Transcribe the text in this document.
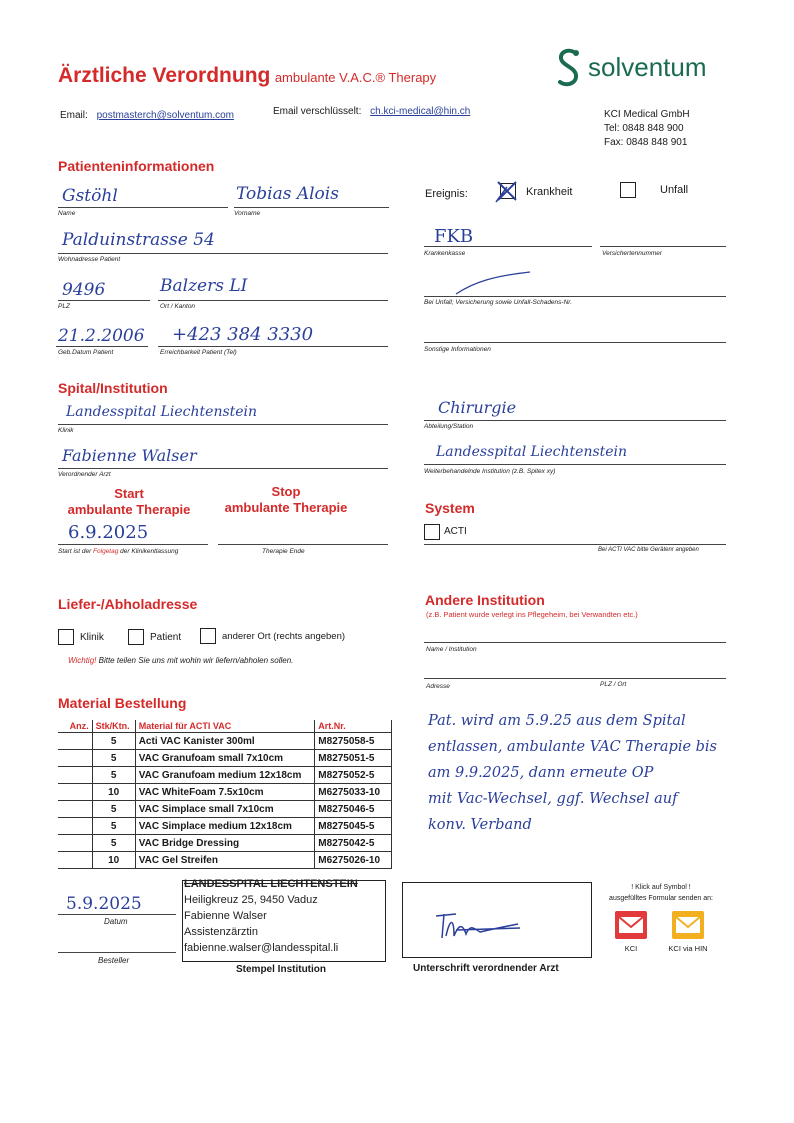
Ärztliche Verordnung ambulante V.A.C.® Therapy	solventum
Email: postmasterch@solventum.com	Email verschlüsselt: ch.kci-medical@hin.ch	KCI Medical GmbH
Tel: 0848 848 900
Fax: 0848 848 901
Patienteninformationen
Gstöhl
Name
Tobias Alois
Vorname
Palduinstrasse 54
Wohnadresse Patient
9496
PLZ
Balzers LI
Ort / Kanton
21.2.2006
Geb.Datum Patient
+423 384 3330
Erreichbarkeit Patient (Tel)
Ereignis:	Krankheit	Unfall
FKB
Krankenkasse	Versichertennummer
Bei Unfall; Versicherung sowie Unfall-Schadens-Nr.
Sonstige Informationen
Spital/Institution
Landesspital Liechtenstein
Klinik
Chirurgie
Abteilung/Station
Fabienne Walser
Verordnender Arzt
Landesspital Liechtenstein
Weiterbehandelnde Institution (z.B. Spitex xy)
Start
ambulante Therapie
Stop
ambulante Therapie
6.9.2025
Start ist der Folgetag der Klinikentlassung	Therapie Ende
System
ACTI
Bei ACTI VAC bitte Gerätenr angeben
Liefer-/Abholadresse
Klinik	Patient	anderer Ort (rechts angeben)
Wichtig! Bitte teilen Sie uns mit wohin wir liefern/abholen sollen.
Andere Institution
(z.B. Patient wurde verlegt ins Pflegeheim, bei Verwandten etc.)
Name / Institution
Adresse	PLZ / Ort
Material Bestellung
Anz.	Stk/Ktn.	Material für ACTI VAC	Art.Nr.
	5	Acti VAC Kanister 300ml	M8275058-5
	5	VAC Granufoam small 7x10cm	M8275051-5
	5	VAC Granufoam medium 12x18cm	M8275052-5
	10	VAC WhiteFoam 7.5x10cm	M6275033-10
	5	VAC Simplace small 7x10cm	M8275046-5
	5	VAC Simplace medium 12x18cm	M8275045-5
	5	VAC Bridge Dressing	M8275042-5
	10	VAC Gel Streifen	M6275026-10
Pat. wird am 5.9.25 aus dem Spital
entlassen, ambulante VAC Therapie bis
am 9.9.2025, dann erneute OP
mit Vac-Wechsel, ggf. Wechsel auf
konv. Verband
5.9.2025
Datum
Besteller
LANDESSPITAL LIECHTENSTEIN
Heiligkreuz 25, 9450 Vaduz
Fabienne Walser
Assistenzärztin
fabienne.walser@landesspital.li
Stempel Institution	Unterschrift verordnender Arzt
! Klick auf Symbol !
ausgefülltes Formular senden an:
KCI	KCI via HIN
